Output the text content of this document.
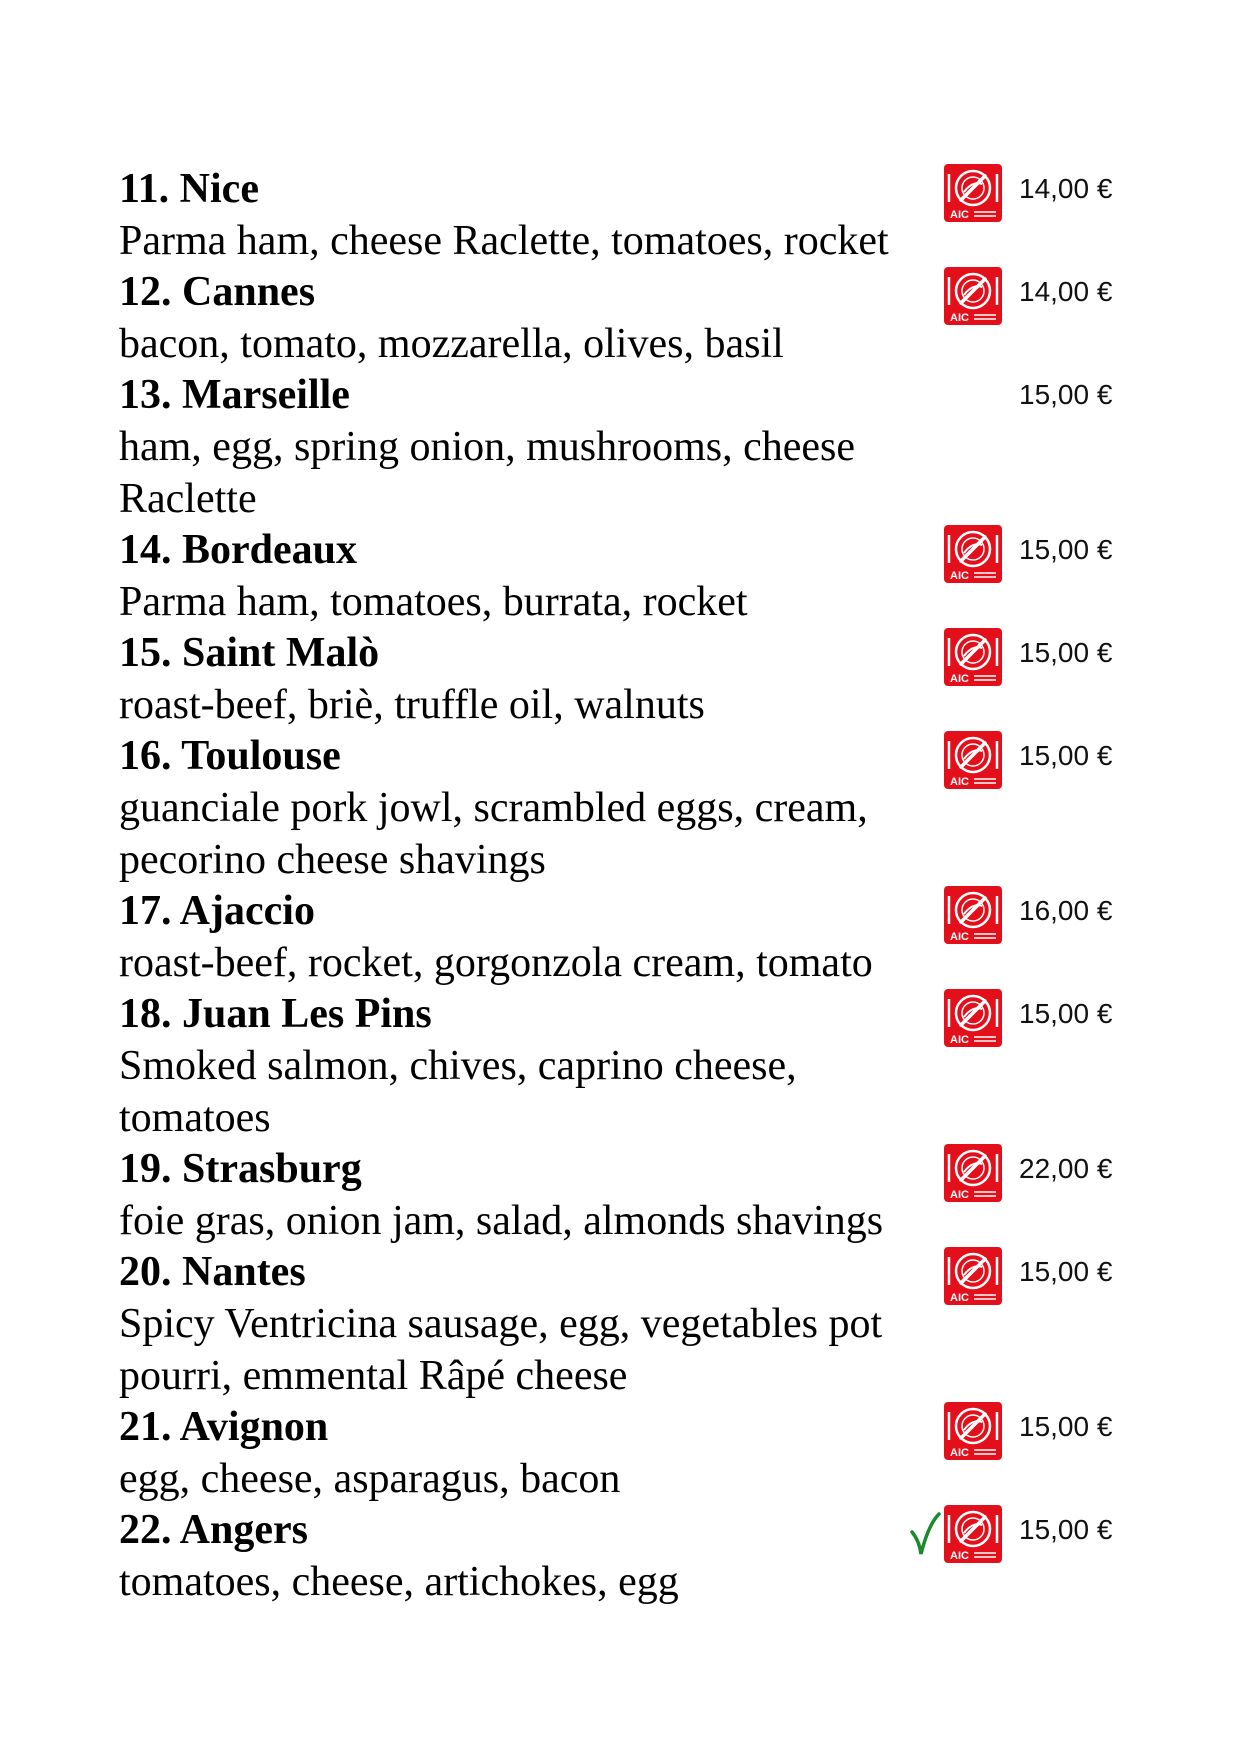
11. Nice
Parma ham, cheese Raclette, tomatoes, rocket
AIC
14,00 €
12. Cannes
bacon, tomato, mozzarella, olives, basil
AIC
14,00 €
13. Marseille
ham, egg, spring onion, mushrooms, cheese Raclette
15,00 €
14. Bordeaux
Parma ham, tomatoes, burrata, rocket
AIC
15,00 €
15. Saint Malò
roast-beef, briè, truffle oil, walnuts
AIC
15,00 €
16. Toulouse
guanciale pork jowl, scrambled eggs, cream, pecorino cheese shavings
AIC
15,00 €
17. Ajaccio
roast-beef, rocket, gorgonzola cream, tomato
AIC
16,00 €
18. Juan Les Pins
Smoked salmon, chives, caprino cheese, tomatoes
AIC
15,00 €
19. Strasburg
foie gras, onion jam, salad, almonds shavings
AIC
22,00 €
20. Nantes
Spicy Ventricina sausage, egg, vegetables pot pourri, emmental Râpé cheese
AIC
15,00 €
21. Avignon
egg, cheese, asparagus, bacon
AIC
15,00 €
22. Angers
tomatoes, cheese, artichokes, egg
AIC
15,00 €
